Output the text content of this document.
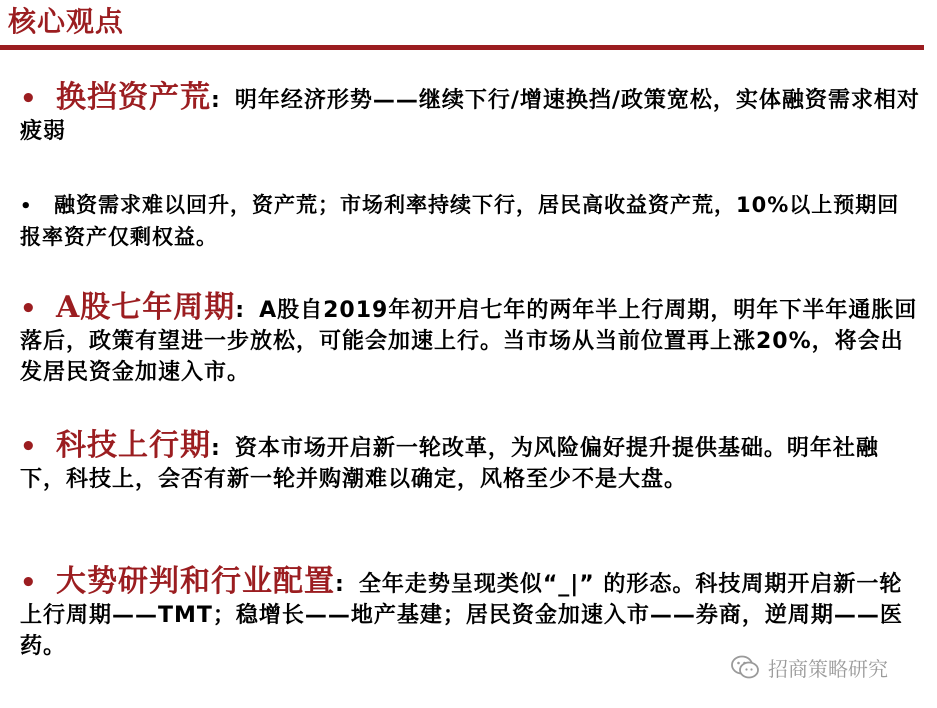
核心观点
• 换挡资产荒: 明年经济形势——继续下行/增速换挡/政策宽松，实体融资需求相对疲弱
• 融资需求难以回升，资产荒；市场利率持续下行，居民高收益资产荒，10%以上预期回报率资产仅剩权益。
• A股七年周期: A股自2019年初开启七年的两年半上行周期，明年下半年通胀回落后，政策有望进一步放松，可能会加速上行。当市场从当前位置再上涨20%，将会出发居民资金加速入市。
• 科技上行期: 资本市场开启新一轮改革，为风险偏好提升提供基础。明年社融下，科技上，会否有新一轮并购潮难以确定，风格至少不是大盘。
• 大势研判和行业配置: 全年走势呈现类似“_|” 的形态。科技周期开启新一轮上行周期——TMT；稳增长——地产基建；居民资金加速入市——券商，逆周期——医药。
招商策略研究
